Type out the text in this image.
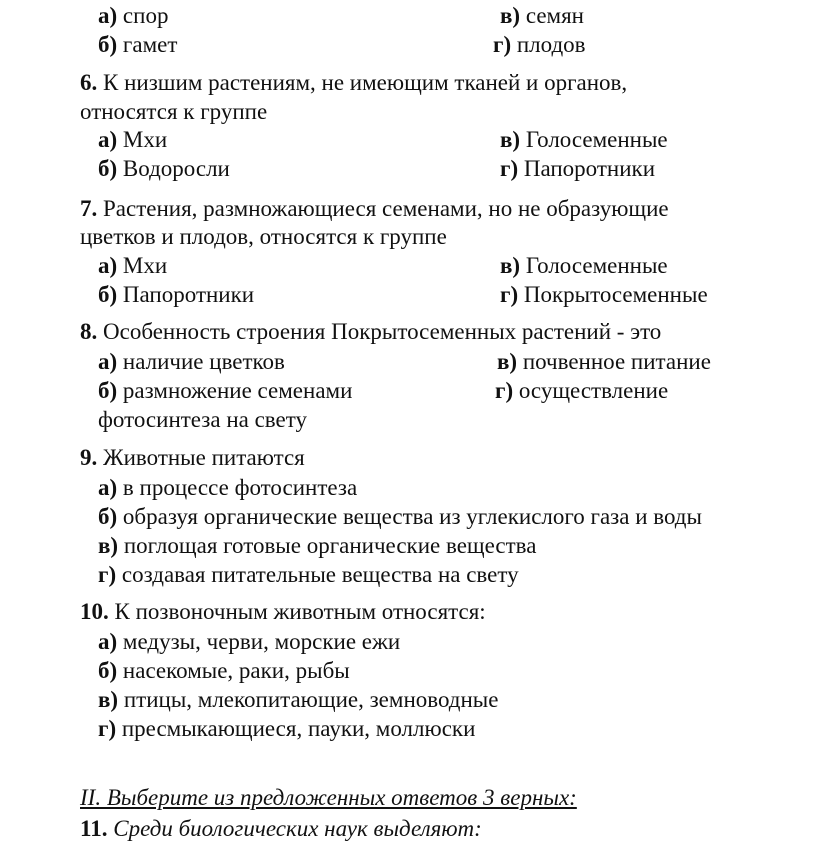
а) спор	в) семян
б) гамет	г) плодов
6. К низшим растениям, не имеющим тканей и органов,
относятся к группе
а) Мхи	в) Голосеменные
б) Водоросли	г) Папоротники
7. Растения, размножающиеся семенами, но не образующие
цветков и плодов, относятся к группе
а) Мхи	в) Голосеменные
б) Папоротники	г) Покрытосеменные
8. Особенность строения Покрытосеменных растений - это
а) наличие цветков	в) почвенное питание
б) размножение семенами	г) осуществление
фотосинтеза на свету
9. Животные питаются
а) в процессе фотосинтеза
б) образуя органические вещества из углекислого газа и воды
в) поглощая готовые органические вещества
г) создавая питательные вещества на свету
10. К позвоночным животным относятся:
а) медузы, черви, морские ежи
б) насекомые, раки, рыбы
в) птицы, млекопитающие, земноводные
г) пресмыкающиеся, пауки, моллюски
II. Выберите из предложенных ответов 3 верных:
11. Среди биологических наук выделяют:
